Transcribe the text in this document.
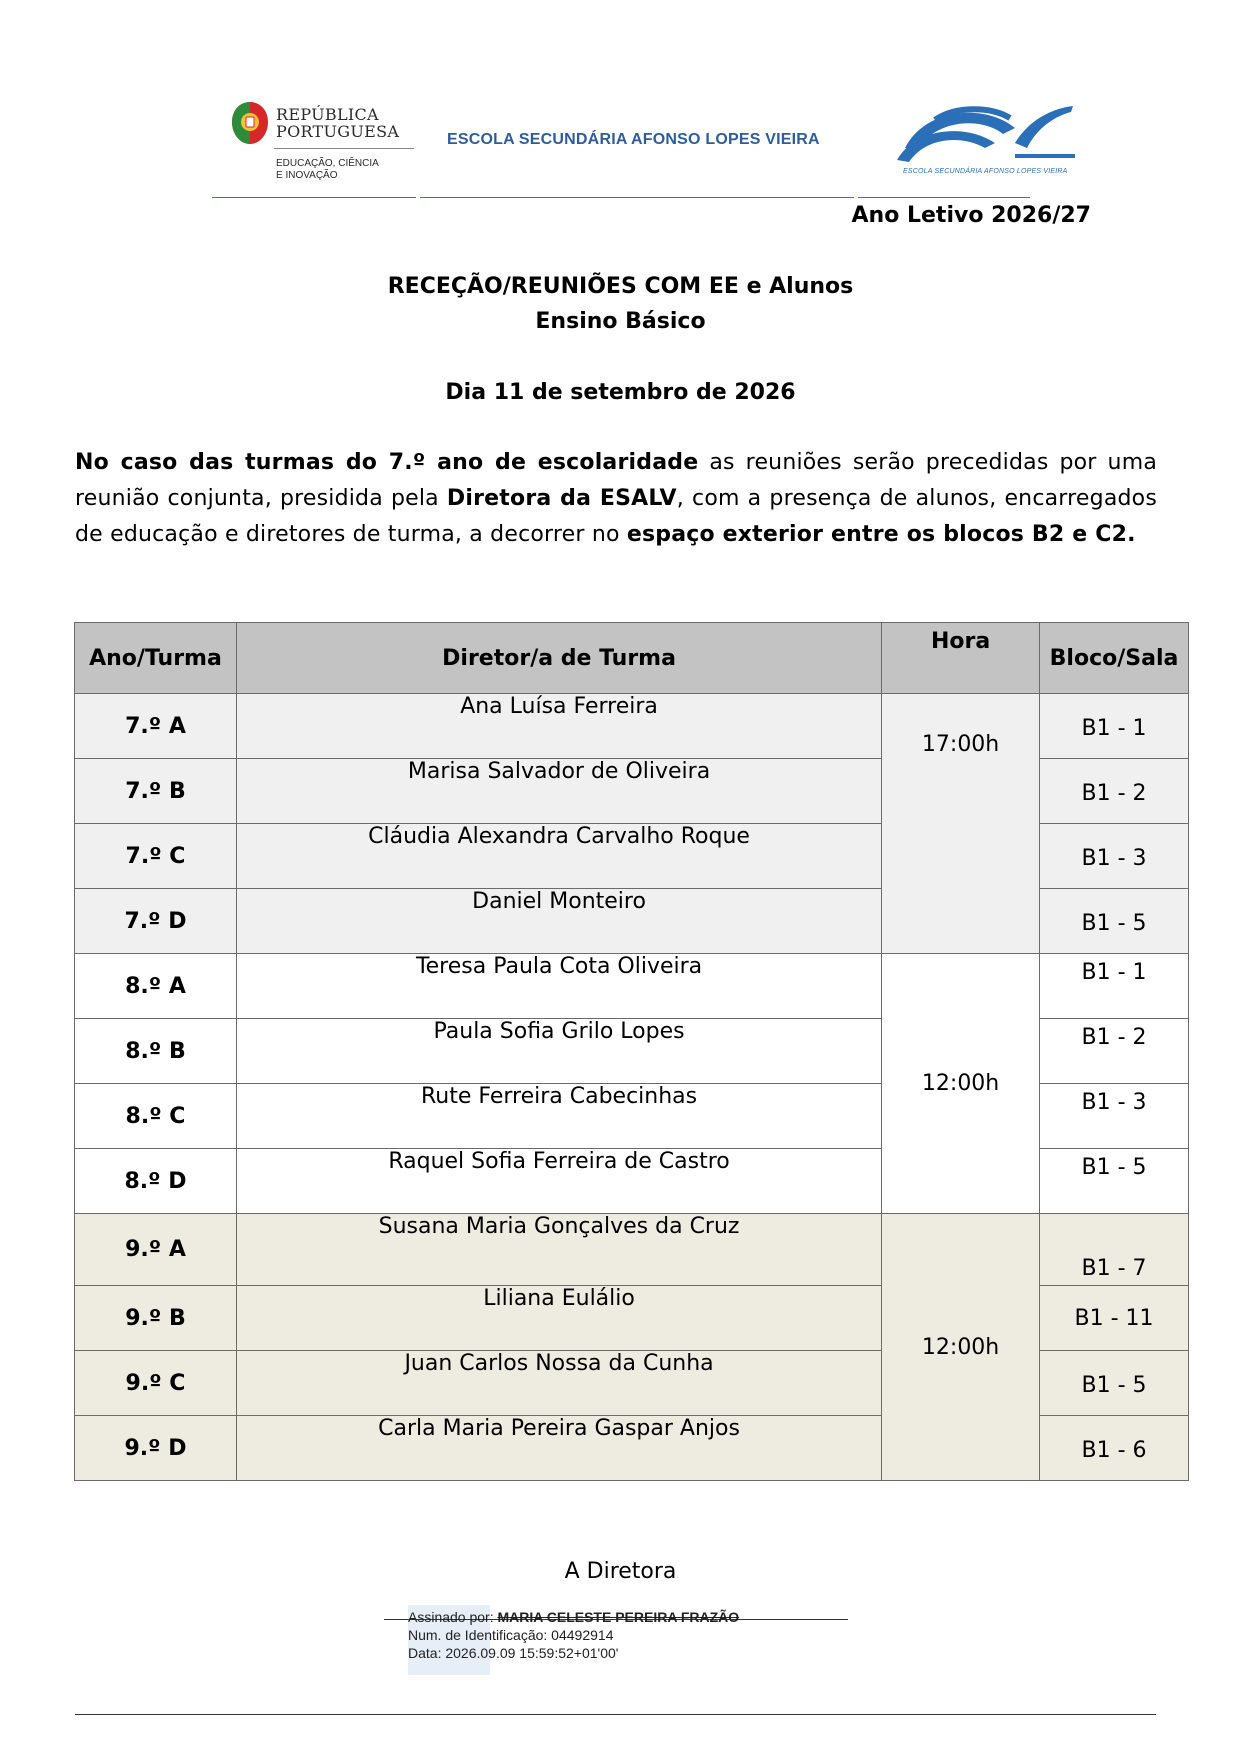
REPÚBLICA
PORTUGUESA
EDUCAÇÃO, CIÊNCIA
E INOVAÇÃO
ESCOLA SECUNDÁRIA AFONSO LOPES VIEIRA
ESCOLA SECUNDÁRIA AFONSO LOPES VIEIRA
Ano Letivo 2026/27
RECEÇÃO/REUNIÕES COM EE e Alunos
Ensino Básico
Dia 11 de setembro de 2026
No caso das turmas do 7.º ano de escolaridade as reuniões serão precedidas por uma reunião conjunta, presidida pela Diretora da ESALV, com a presença de alunos, encarregados de educação e diretores de turma, a decorrer no espaço exterior entre os blocos B2 e C2.
Ano/Turma	Diretor/a de Turma	Hora	Bloco/Sala
7.º A	Ana Luísa Ferreira	17:00h	B1 - 1
7.º B	Marisa Salvador de Oliveira		B1 - 2
7.º C	Cláudia Alexandra Carvalho Roque		B1 - 3
7.º D	Daniel Monteiro		B1 - 5
8.º A	Teresa Paula Cota Oliveira	12:00h	B1 - 1
8.º B	Paula Sofia Grilo Lopes		B1 - 2
8.º C	Rute Ferreira Cabecinhas		B1 - 3
8.º D	Raquel Sofia Ferreira de Castro		B1 - 5
9.º A	Susana Maria Gonçalves da Cruz	12:00h	B1 - 7
9.º B	Liliana Eulálio		B1 - 11
9.º C	Juan Carlos Nossa da Cunha		B1 - 5
9.º D	Carla Maria Pereira Gaspar Anjos		B1 - 6
A Diretora
Assinado por: MARIA CELESTE PEREIRA FRAZÃO
Num. de Identificação: 04492914
Data: 2026.09.09 15:59:52+01'00'
